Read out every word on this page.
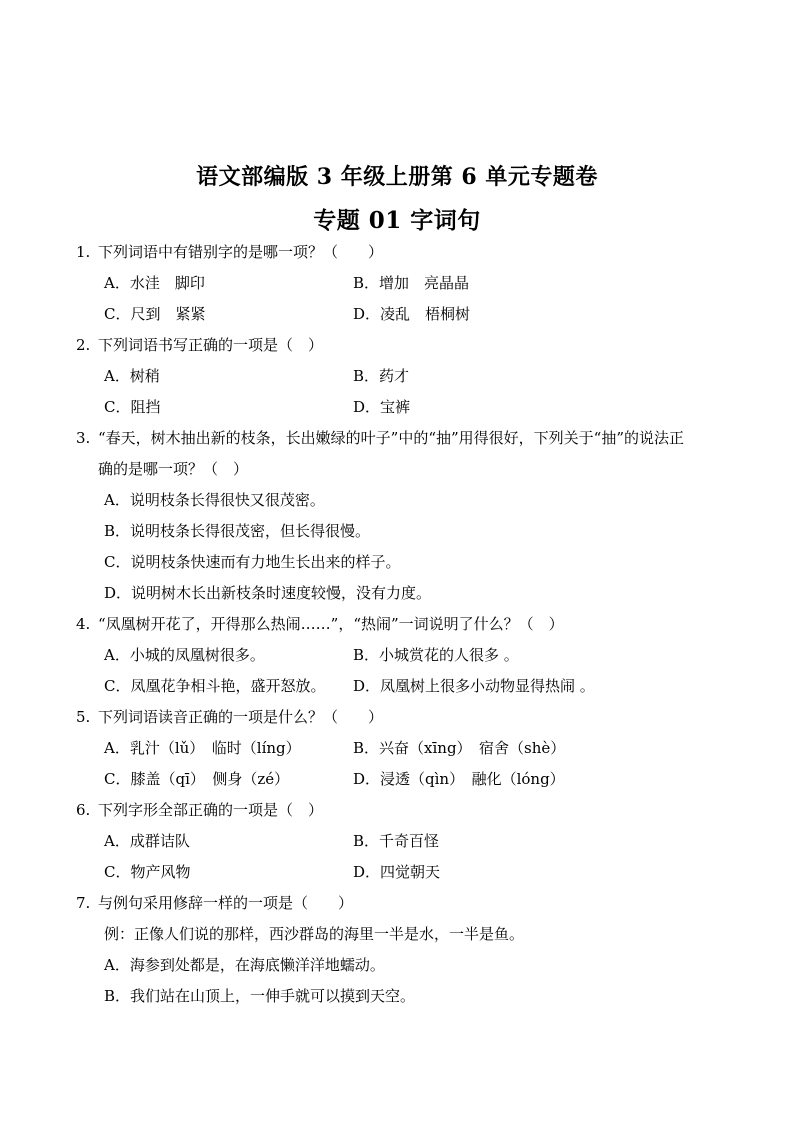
语文部编版 3 年级上册第 6 单元专题卷
专题 01 字词句
1. 下列词语中有错别字的是哪一项？（　　）
A．水洼　脚印	B．增加　亮晶晶
C．尺到　紧紧	D．凌乱　梧桐树
2. 下列词语书写正确的一项是（　）
A．树稍	B．药才
C．阻挡	D．宝裤
3. “春天，树木抽出新的枝条，长出嫩绿的叶子”中的“抽”用得很好，下列关于“抽”的说法正
确的是哪一项？（　）
A．说明枝条长得很快又很茂密。
B．说明枝条长得很茂密，但长得很慢。
C．说明枝条快速而有力地生长出来的样子。
D．说明树木长出新枝条时速度较慢，没有力度。
4. “凤凰树开花了，开得那么热闹……”，“热闹”一词说明了什么？（　）
A．小城的凤凰树很多。	B．小城赏花的人很多 。
C．凤凰花争相斗艳，盛开怒放。 D．凤凰树上很多小动物显得热闹 。
5. 下列词语读音正确的一项是什么？（　　）
A．乳汁（lǔ）　临时（líng）	B．兴奋（xīng）　宿舍（shè）
C．膝盖（qī）　侧身（zé）	D．浸透（qìn）　融化（lóng）
6. 下列字形全部正确的一项是（　）
A．成群诘队	B．千奇百怪
C．物产风物	D．四觉朝天
7. 与例句采用修辞一样的一项是（　　）
例：正像人们说的那样，西沙群岛的海里一半是水，一半是鱼。
A．海参到处都是，在海底懒洋洋地蠕动。
B．我们站在山顶上，一伸手就可以摸到天空。
